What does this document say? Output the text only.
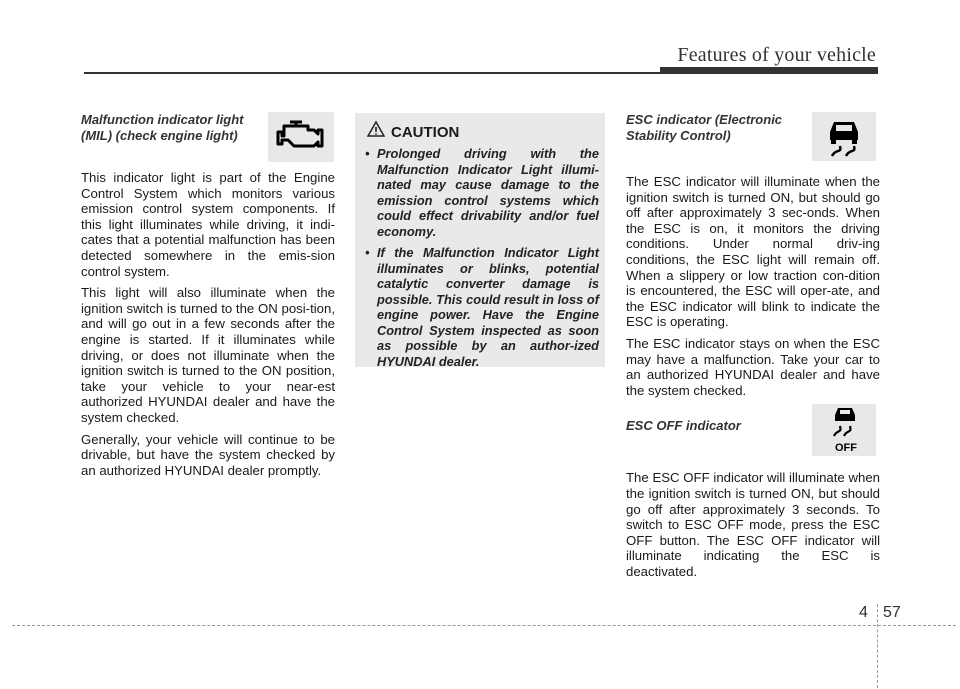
Features of your vehicle
Malfunction indicator light
(MIL) (check engine light)

This indicator light is part of the Engine Control System which monitors various emission control system components. If this light illuminates while driving, it indi-cates that a potential malfunction has been detected somewhere in the emis-sion control system.

This light will also illuminate when the ignition switch is turned to the ON posi-tion, and will go out in a few seconds after the engine is started. If it illuminates while driving, or does not illuminate when the ignition switch is turned to the ON position, take your vehicle to your near-est authorized HYUNDAI dealer and have the system checked.

Generally, your vehicle will continue to be drivable, but have the system checked by an authorized HYUNDAI dealer promptly.

CAUTION
• Prolonged driving with the Malfunction Indicator Light illumi-nated may cause damage to the emission control systems which could effect drivability and/or fuel economy.
• If the Malfunction Indicator Light illuminates or blinks, potential catalytic converter damage is possible. This could result in loss of engine power. Have the Engine Control System inspected as soon as possible by an author-ized HYUNDAI dealer.
ESC indicator (Electronic
Stability Control)

The ESC indicator will illuminate when the ignition switch is turned ON, but should go off after approximately 3 sec-onds. When the ESC is on, it monitors the driving conditions. Under normal driv-ing conditions, the ESC light will remain off. When a slippery or low traction con-dition is encountered, the ESC will oper-ate, and the ESC indicator will blink to indicate the ESC is operating.

The ESC indicator stays on when the ESC may have a malfunction. Take your car to an authorized HYUNDAI dealer and have the system checked.

ESC OFF indicator

The ESC OFF indicator will illuminate when the ignition switch is turned ON, but should go off after approximately 3 seconds. To switch to ESC OFF mode, press the ESC OFF button. The ESC OFF indicator will illuminate indicating the ESC is deactivated.

OFF
4 57
